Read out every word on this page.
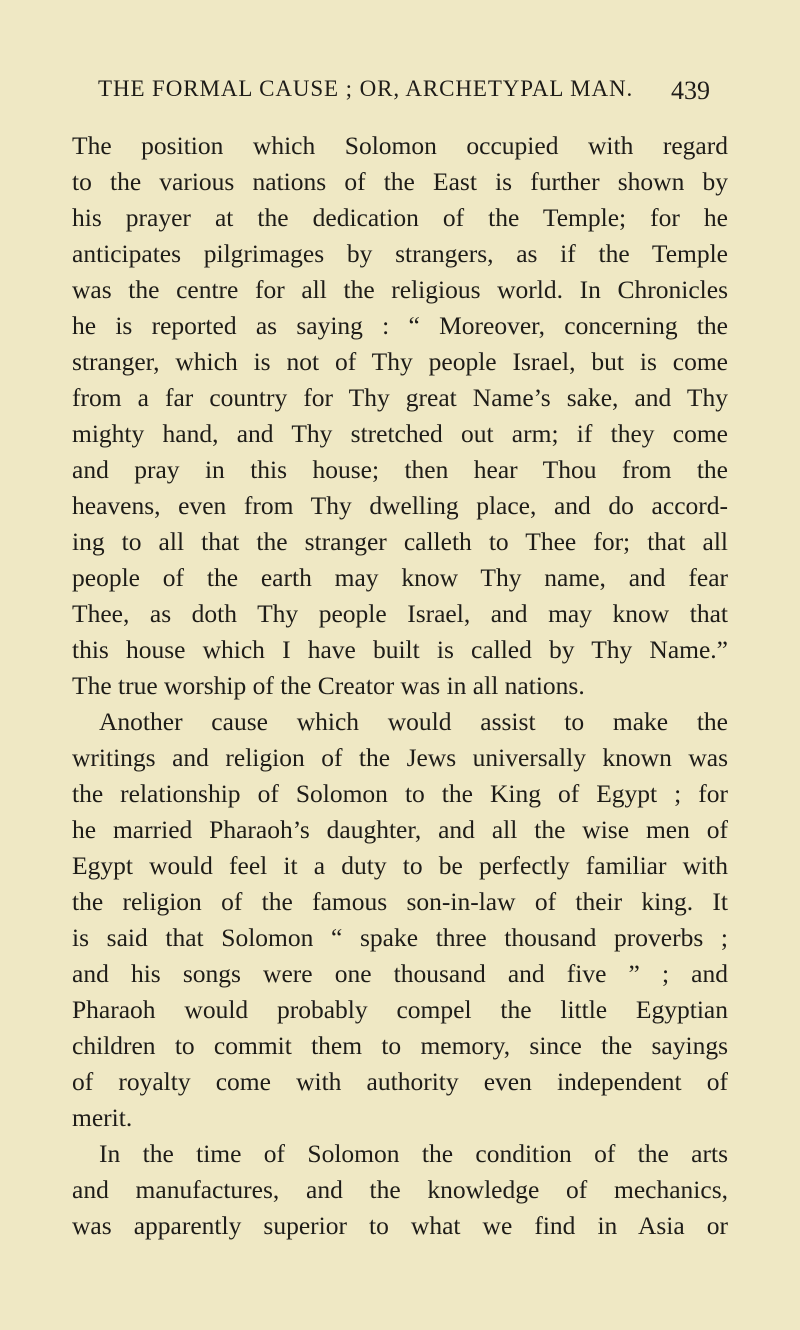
THE FORMAL CAUSE ; OR, ARCHETYPAL MAN. 439
The position which Solomon occupied with regard
to the various nations of the East is further shown by
his prayer at the dedication of the Temple; for he
anticipates pilgrimages by strangers, as if the Temple
was the centre for all the religious world. In Chronicles
he is reported as saying : “ Moreover, concerning the
stranger, which is not of Thy people Israel, but is come
from a far country for Thy great Name’s sake, and Thy
mighty hand, and Thy stretched out arm; if they come
and pray in this house; then hear Thou from the
heavens, even from Thy dwelling place, and do accord-
ing to all that the stranger calleth to Thee for; that all
people of the earth may know Thy name, and fear
Thee, as doth Thy people Israel, and may know that
this house which I have built is called by Thy Name.”
The true worship of the Creator was in all nations.
Another cause which would assist to make the
writings and religion of the Jews universally known was
the relationship of Solomon to the King of Egypt ; for
he married Pharaoh’s daughter, and all the wise men of
Egypt would feel it a duty to be perfectly familiar with
the religion of the famous son-in-law of their king. It
is said that Solomon “ spake three thousand proverbs ;
and his songs were one thousand and five ” ; and
Pharaoh would probably compel the little Egyptian
children to commit them to memory, since the sayings
of royalty come with authority even independent of
merit.
In the time of Solomon the condition of the arts
and manufactures, and the knowledge of mechanics,
was apparently superior to what we find in Asia or
